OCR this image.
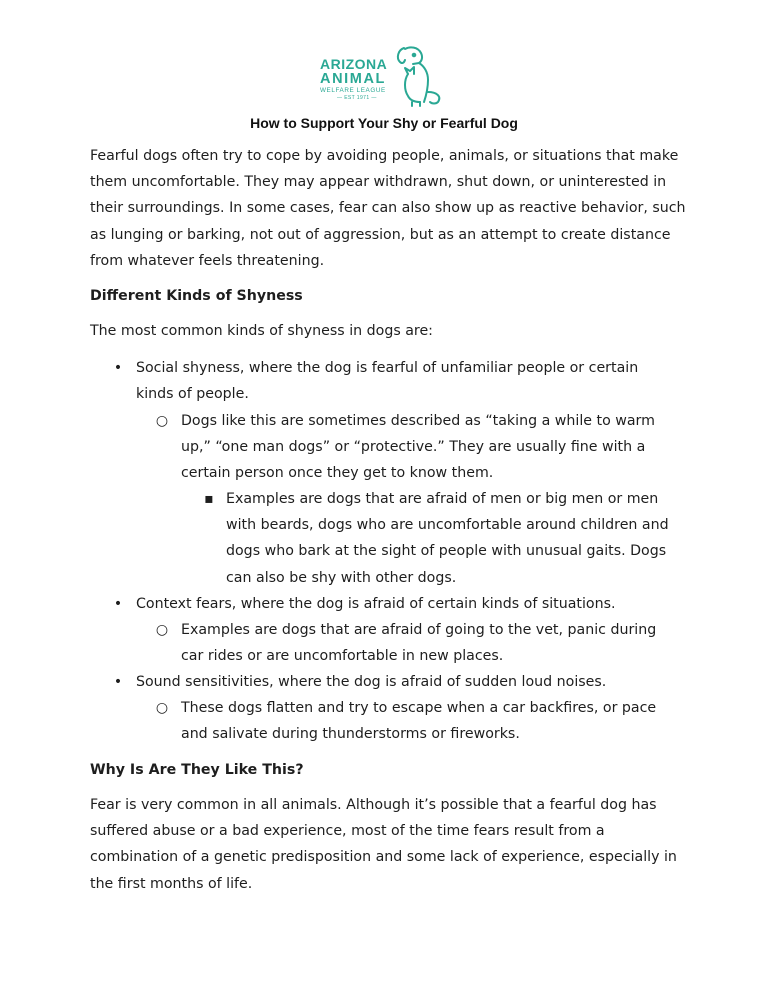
ARIZONA
ANIMAL
WELFARE LEAGUE
— EST 1971 —
How to Support Your Shy or Fearful Dog

Fearful dogs often try to cope by avoiding people, animals, or situations that make them uncomfortable. They may appear withdrawn, shut down, or uninterested in their surroundings. In some cases, fear can also show up as reactive behavior, such as lunging or barking, not out of aggression, but as an attempt to create distance from whatever feels threatening.

Different Kinds of Shyness

The most common kinds of shyness in dogs are:

• Social shyness, where the dog is fearful of unfamiliar people or certain kinds of people.

○ Dogs like this are sometimes described as “taking a while to warm up,” “one man dogs” or “protective.” They are usually fine with a certain person once they get to know them.

▪ Examples are dogs that are afraid of men or big men or men with beards, dogs who are uncomfortable around children and dogs who bark at the sight of people with unusual gaits. Dogs can also be shy with other dogs.

• Context fears, where the dog is afraid of certain kinds of situations.

○ Examples are dogs that are afraid of going to the vet, panic during car rides or are uncomfortable in new places.

• Sound sensitivities, where the dog is afraid of sudden loud noises.

○ These dogs flatten and try to escape when a car backfires, or pace and salivate during thunderstorms or fireworks.

Why Is Are They Like This?

Fear is very common in all animals. Although it’s possible that a fearful dog has suffered abuse or a bad experience, most of the time fears result from a combination of a genetic predisposition and some lack of experience, especially in the first months of life.
